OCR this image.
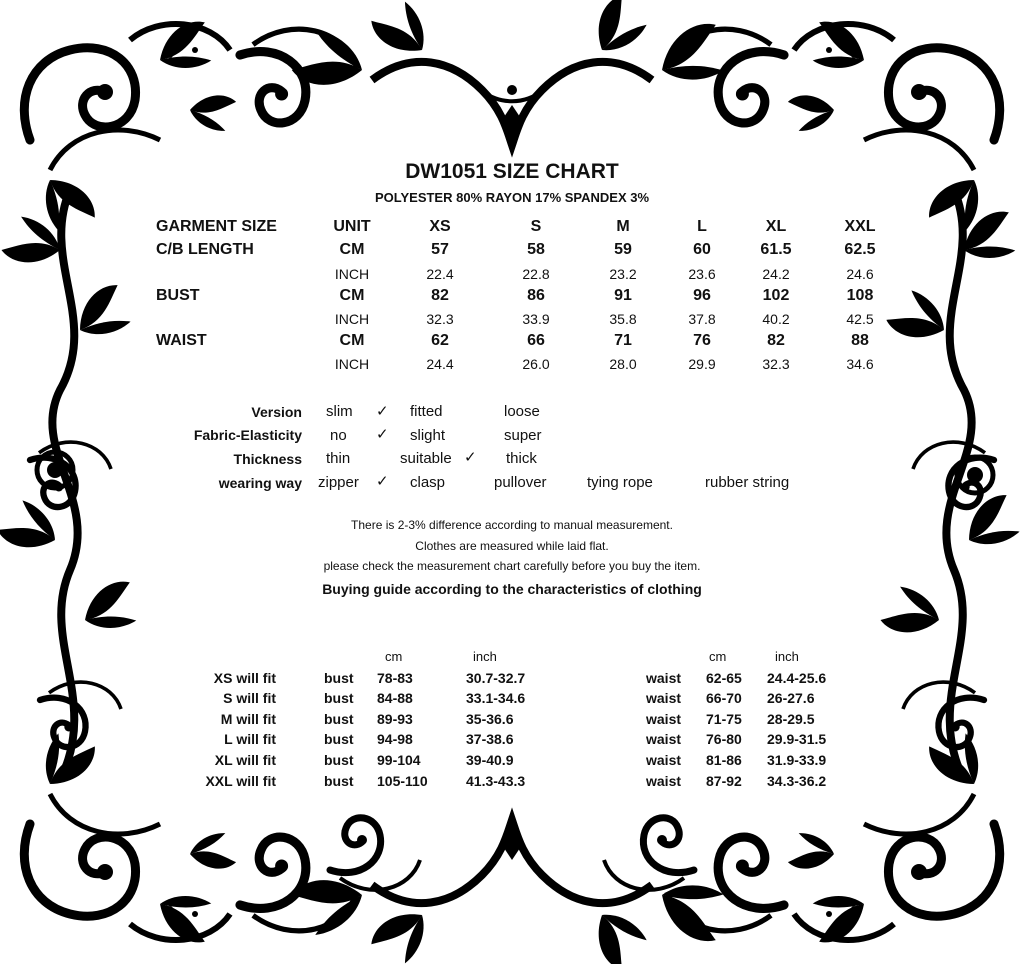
DW1051 SIZE CHART
POLYESTER 80% RAYON 17% SPANDEX 3%
GARMENT SIZE	UNIT	XS	S	M	L	XL	XXL
C/B LENGTH	CM	57	58	59	60	61.5	62.5
INCH	22.4	22.8	23.2	23.6	24.2	24.6
BUST	CM	82	86	91	96	102	108
INCH	32.3	33.9	35.8	37.8	40.2	42.5
WAIST	CM	62	66	71	76	82	88
INCH	24.4	26.0	28.0	29.9	32.3	34.6
Version slim ✓ fitted	loose
Fabric-Elasticity no ✓ slight	super
Thickness thin	suitable ✓ thick
wearing way zipper ✓ clasp	pullover	tying rope	rubber string
There is 2-3% difference according to manual measurement.
Clothes are measured while laid flat.
please check the measurement chart carefully before you buy the item.
Buying guide according to the characteristics of clothing
cm	inch	cm	inch
XS will fit	bust 78-83	30.7-32.7	waist 62-65 24.4-25.6
S will fit	bust 84-88	33.1-34.6	waist 66-70 26-27.6
M will fit	bust 89-93	35-36.6	waist 71-75 28-29.5
L will fit	bust 94-98	37-38.6	waist 76-80 29.9-31.5
XL will fit	bust 99-104	39-40.9	waist 81-86 31.9-33.9
XXL will fit	bust 105-110	41.3-43.3	waist 87-92 34.3-36.2
